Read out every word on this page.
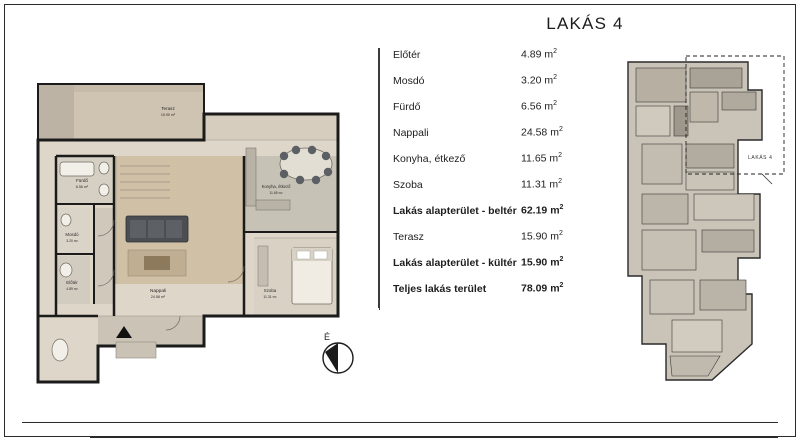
LAKÁS 4
Előtér	4.89 $m^2$
Mosdó	3.20 $m^2$
Fürdő	6.56 $m^2$
Nappali	24.58 $m^2$
Konyha, étkező	11.65 $m^2$
Szoba	11.31 $m^2$
Lakás alapterület - beltér 62.19 $m^2$
Terasz	15.90 $m^2$
Lakás alapterület - kültér 15.90 $m^2$
Teljes lakás terület	78.09 $m^2$
Terasz
15.90 m²
Fürdő
6.56 m²	Konyha, étkező
11.65 m²
Mosdó
3.20 m²
Előtér
4.89 m²	Nappali
24.58 m²
Szoba
11.31 m²
É
LAKÁS 4
